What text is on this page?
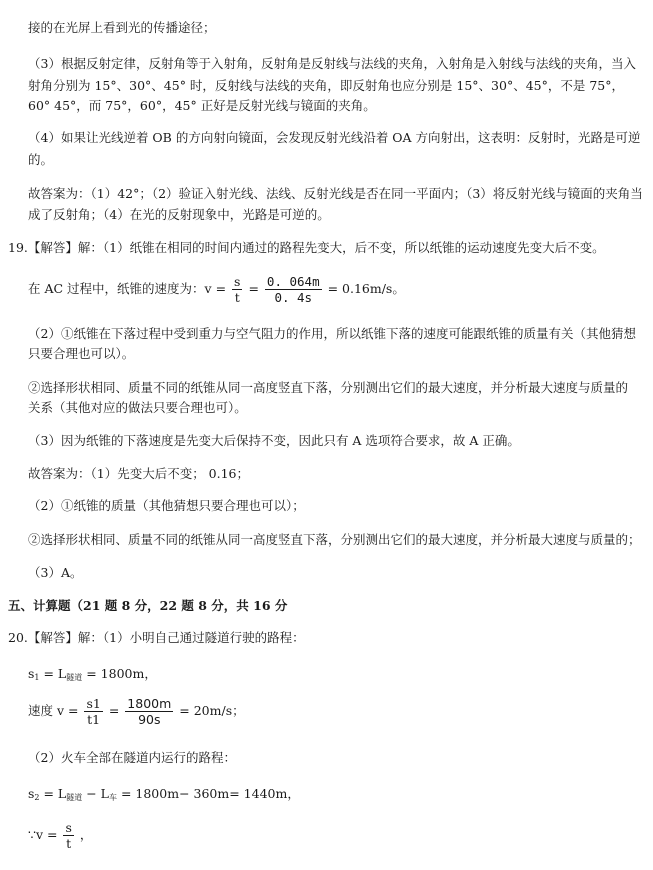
接的在光屏上看到光的传播途径；
（3）根据反射定律，反射角等于入射角，反射角是反射线与法线的夹角，入射角是入射线与法线的夹角，当入
射角分别为 15°、30°、45° 时，反射线与法线的夹角，即反射角也应分别是 15°、30°、45°，不是 75°，
60° 45°，而 75°，60°，45° 正好是反射光线与镜面的夹角。
（4）如果让光线逆着 OB 的方向射向镜面，会发现反射光线沿着 OA 方向射出，这表明：反射时，光路是可逆
的。
故答案为：（1）42°；（2）验证入射光线、法线、反射光线是否在同一平面内；（3）将反射光线与镜面的夹角当
成了反射角；（4）在光的反射现象中，光路是可逆的。
19.【解答】解：（1）纸锥在相同的时间内通过的路程先变大，后不变，所以纸锥的运动速度先变大后不变。
在 AC 过程中，纸锥的速度为：$v = \frac{s}{t} = \frac{0. 064m}{0. 4s} = 0.16m/s$。
（2）①纸锥在下落过程中受到重力与空气阻力的作用，所以纸锥下落的速度可能跟纸锥的质量有关（其他猜想
只要合理也可以）。
②选择形状相同、质量不同的纸锥从同一高度竖直下落，分别测出它们的最大速度，并分析最大速度与质量的
关系（其他对应的做法只要合理也可）。
（3）因为纸锥的下落速度是先变大后保持不变，因此只有 A 选项符合要求，故 A 正确。
故答案为：（1）先变大后不变； 0.16；
（2）①纸锥的质量（其他猜想只要合理也可以）；
②选择形状相同、质量不同的纸锥从同一高度竖直下落，分别测出它们的最大速度，并分析最大速度与质量的；
（3）A。
五、计算题（21 题 8 分，22 题 8 分，共 16 分
20.【解答】解：（1）小明自己通过隧道行驶的路程：
$s_1 = L_{隧道} = 1800m$，
速度 $v = \frac{s1}{t1} = \frac{1800m}{90s} = 20m/s$；
（2）火车全部在隧道内运行的路程：
$s_2 = L_{隧道} - L_车 = 1800m- 360m= 1440m$，
∵v = $\frac{s}{t}$ ，
